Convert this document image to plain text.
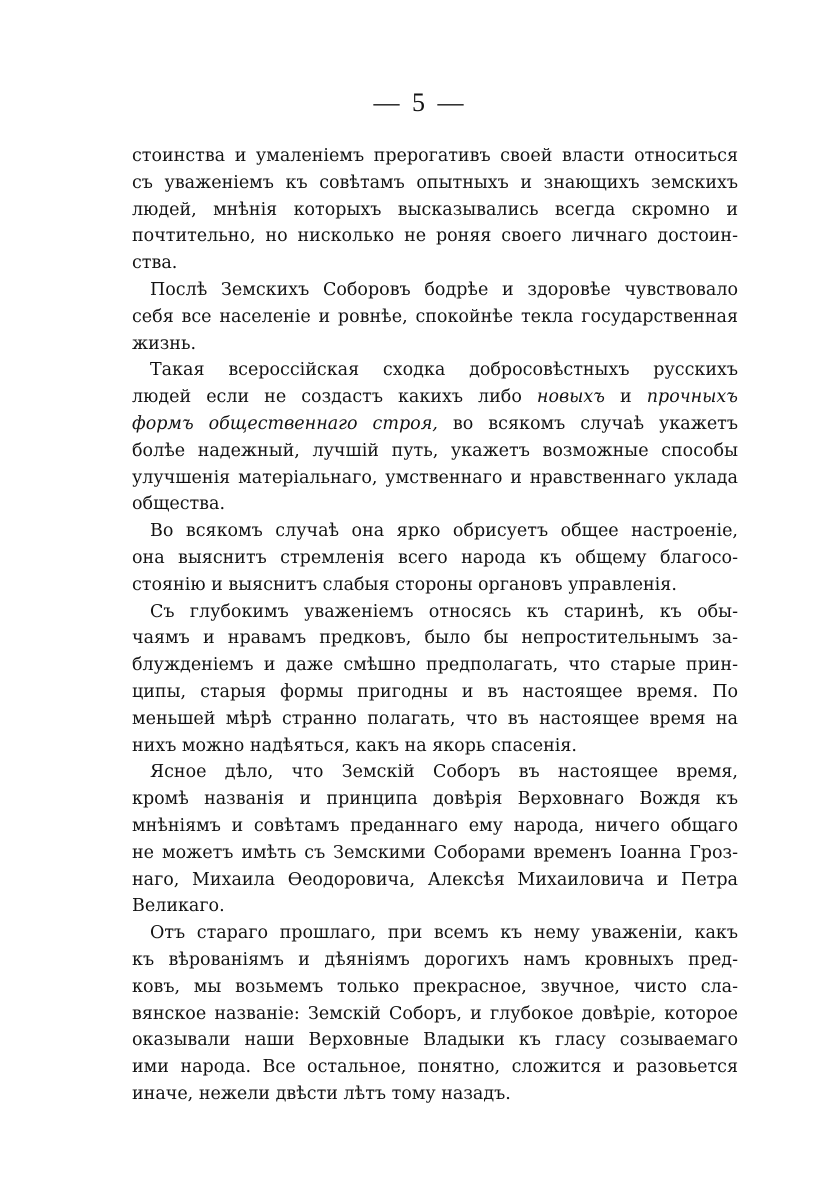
— 5 —
стоинства и умаленіемъ прерогативъ своей власти относиться
съ уваженіемъ къ совѣтамъ опытныхъ и знающихъ земскихъ
людей, мнѣнія которыхъ высказывались всегда скромно и
почтительно, но нисколько не роняя своего личнаго достоин-
ства.
Послѣ Земскихъ Соборовъ бодрѣе и здоровѣе чувствовало
себя все населеніе и ровнѣе, спокойнѣе текла государственная
жизнь.
Такая всероссійская сходка добросовѣстныхъ русскихъ
людей если не создастъ какихъ либо новыхъ и прочныхъ
формъ общественнаго строя, во всякомъ случаѣ укажетъ
болѣе надежный, лучшій путь, укажетъ возможные способы
улучшенія матеріальнаго, умственнаго и нравственнаго уклада
общества.
Во всякомъ случаѣ она ярко обрисуетъ общее настроеніе,
она выяснитъ стремленія всего народа къ общему благосо-
стоянію и выяснитъ слабыя стороны органовъ управленія.
Съ глубокимъ уваженіемъ относясь къ старинѣ, къ обы-
чаямъ и нравамъ предковъ, было бы непростительнымъ за-
блужденіемъ и даже смѣшно предполагать, что старые прин-
ципы, старыя формы пригодны и въ настоящее время. По
меньшей мѣрѣ странно полагать, что въ настоящее время на
нихъ можно надѣяться, какъ на якорь спасенія.
Ясное дѣло, что Земскій Соборъ въ настоящее время,
кромѣ названія и принципа довѣрія Верховнаго Вождя къ
мнѣніямъ и совѣтамъ преданнаго ему народа, ничего общаго
не можетъ имѣть съ Земскими Соборами временъ Іоанна Гроз-
наго, Михаила Ѳеодоровича, Алексѣя Михаиловича и Петра
Великаго.
Отъ стараго прошлаго, при всемъ къ нему уваженіи, какъ
къ вѣрованіямъ и дѣяніямъ дорогихъ намъ кровныхъ пред-
ковъ, мы возьмемъ только прекрасное, звучное, чисто сла-
вянское названіе: Земскій Соборъ, и глубокое довѣріе, которое
оказывали наши Верховные Владыки къ гласу созываемаго
ими народа. Все остальное, понятно, сложится и разовьется
иначе, нежели двѣсти лѣтъ тому назадъ.
